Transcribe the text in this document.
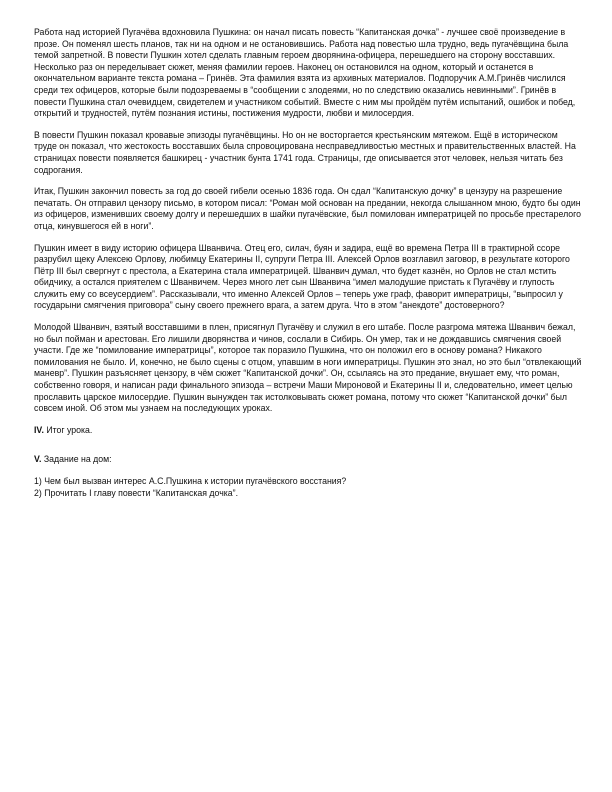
Работа над историей Пугачёва вдохновила Пушкина: он начал писать повесть “Капитанская дочка” - лучшее своё произведение в прозе. Он поменял шесть планов, так ни на одном и не остановившись. Работа над повестью шла трудно, ведь пугачёвщина была темой запретной. В повести Пушкин хотел сделать главным героем дворянина-офицера, перешедшего на сторону восставших. Несколько раз он переделывает сюжет, меняя фамилии героев. Наконец он остановился на одном, который и останется в окончательном варианте текста романа – Гринёв. Эта фамилия взята из архивных материалов. Подпоручик А.М.Гринёв числился среди тех офицеров, которые были подозреваемы в “сообщении с злодеями, но по следствию оказались невинными”. Гринёв в повести Пушкина стал очевидцем, свидетелем и участником событий. Вместе с ним мы пройдём путём испытаний, ошибок и побед, открытий и трудностей, путём познания истины, постижения мудрости, любви и милосердия.

В повести Пушкин показал кровавые эпизоды пугачёвщины. Но он не восторгается крестьянским мятежом. Ещё в историческом труде он показал, что жестокость восставших была спровоцирована несправедливостью местных и правительственных властей. На страницах повести появляется башкирец - участник бунта 1741 года. Страницы, где описывается этот человек, нельзя читать без содрогания.

Итак, Пушкин закончил повесть за год до своей гибели осенью 1836 года. Он сдал “Капитанскую дочку” в цензуру на разрешение печатать. Он отправил цензору письмо, в котором писал: “Роман мой основан на предании, некогда слышанном мною, будто бы один из офицеров, изменивших своему долгу и перешедших в шайки пугачёвские, был помилован императрицей по просьбе престарелого отца, кинувшегося ей в ноги”.

Пушкин имеет в виду историю офицера Шванвича. Отец его, силач, буян и задира, ещё во времена Петра III в трактирной ссоре разрубил щеку Алексею Орлову, любимцу Екатерины II, супруги Петра III. Алексей Орлов возглавил заговор, в результате которого Пётр III был свергнут с престола, а Екатерина стала императрицей. Шванвич думал, что будет казнён, но Орлов не стал мстить обидчику, а остался приятелем с Шванвичем. Через много лет сын Шванвича “имел малодушие пристать к Пугачёву и глупость служить ему со всеусердием”. Рассказывали, что именно Алексей Орлов – теперь уже граф, фаворит императрицы, “выпросил у государыни смягчения приговора” сыну своего прежнего врага, а затем друга. Что в этом “анекдоте” достоверного?

Молодой Шванвич, взятый восставшими в плен, присягнул Пугачёву и служил в его штабе. После разгрома мятежа Шванвич бежал, но был пойман и арестован. Его лишили дворянства и чинов, сослали в Сибирь. Он умер, так и не дождавшись смягчения своей участи. Где же “помилование императрицы”, которое так поразило Пушкина, что он положил его в основу романа? Никакого помилования не было. И, конечно, не было сцены с отцом, упавшим в ноги императрицы. Пушкин это знал, но это был “отвлекающий маневр”. Пушкин разъясняет цензору, в чём сюжет “Капитанской дочки”. Он, ссылаясь на это предание, внушает ему, что роман, собственно говоря, и написан ради финального эпизода – встречи Маши Мироновой и Екатерины II и, следовательно, имеет целью прославить царское милосердие. Пушкин вынужден так истолковывать сюжет романа, потому что сюжет “Капитанской дочки” был совсем иной. Об этом мы узнаем на последующих уроках.

IV. Итог урока.

V. Задание на дом:

1) Чем был вызван интерес А.С.Пушкина к истории пугачёвского восстания?

2) Прочитать I главу повести “Капитанская дочка”.
